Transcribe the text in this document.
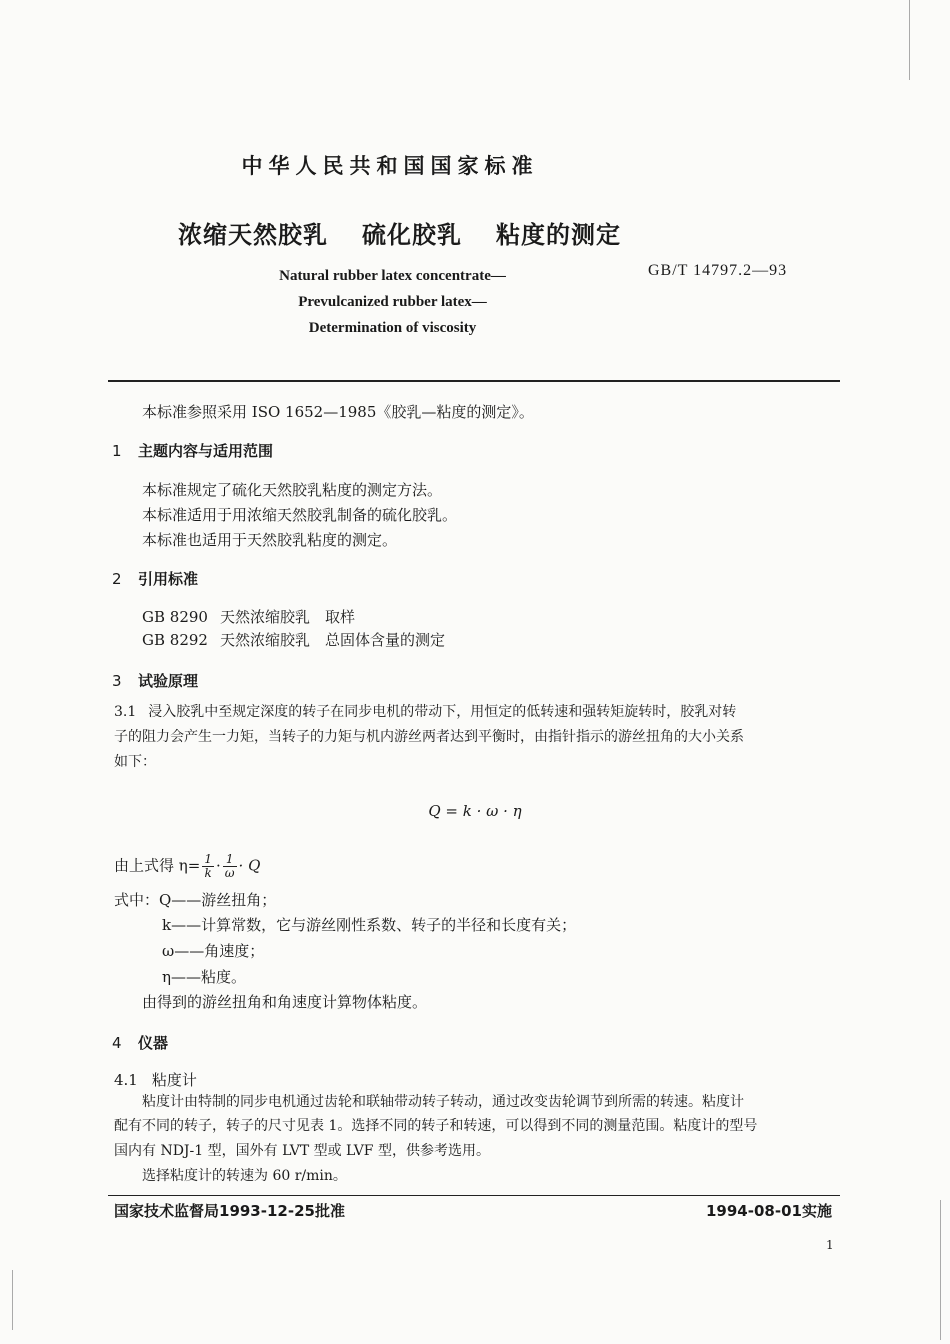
中华人民共和国国家标准
浓缩天然胶乳 硫化胶乳 粘度的测定
GB/T 14797.2—93
Natural rubber latex concentrate—
Prevulcanized rubber latex—
Determination of viscosity
本标准参照采用 ISO 1652—1985《胶乳—粘度的测定》。
1 主题内容与适用范围
本标准规定了硫化天然胶乳粘度的测定方法。
本标准适用于用浓缩天然胶乳制备的硫化胶乳。
本标准也适用于天然胶乳粘度的测定。
2 引用标准
GB 8290 天然浓缩胶乳　取样
GB 8292 天然浓缩胶乳　总固体含量的测定
3 试验原理
3.1 浸入胶乳中至规定深度的转子在同步电机的带动下，用恒定的低转速和强转矩旋转时，胶乳对转
子的阻力会产生一力矩，当转子的力矩与机内游丝两者达到平衡时，由指针指示的游丝扭角的大小关系
如下：
Q = k · ω · η
由上式得 $\eta= \frac{1}{k} \cdot \frac{1}{\omega} \cdot Q$
式中：Q——游丝扭角；
k——计算常数，它与游丝刚性系数、转子的半径和长度有关；
ω——角速度；
η——粘度。
由得到的游丝扭角和角速度计算物体粘度。
4 仪器
4.1 粘度计
粘度计由特制的同步电机通过齿轮和联轴带动转子转动，通过改变齿轮调节到所需的转速。粘度计
配有不同的转子，转子的尺寸见表 1。选择不同的转子和转速，可以得到不同的测量范围。粘度计的型号
国内有 NDJ-1 型，国外有 LVT 型或 LVF 型，供参考选用。
选择粘度计的转速为 60 r/min。
国家技术监督局1993-12-25批准	1994-08-01实施
1
